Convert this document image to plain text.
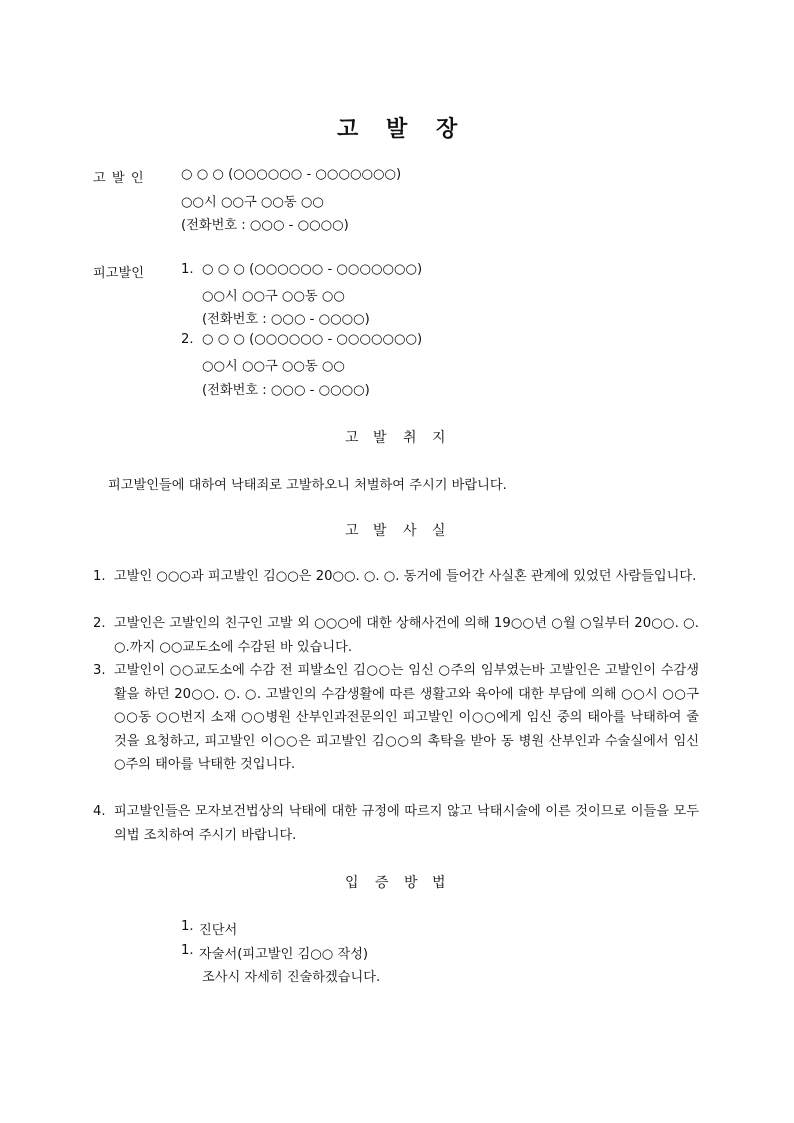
고 발 장
고 발 인	○ ○ ○ (○○○○○○ - ○○○○○○○)
○○시 ○○구 ○○동 ○○
(전화번호 : ○○○ - ○○○○)
피고발인	1. ○ ○ ○ (○○○○○○ - ○○○○○○○)
○○시 ○○구 ○○동 ○○
(전화번호 : ○○○ - ○○○○)
2. ○ ○ ○ (○○○○○○ - ○○○○○○○)
○○시 ○○구 ○○동 ○○
(전화번호 : ○○○ - ○○○○)
고 발 취 지
피고발인들에 대하여 낙태죄로 고발하오니 처벌하여 주시기 바랍니다.
고 발 사 실
1. 고발인 ○○○과 피고발인 김○○은 20○○. ○. ○. 동거에 들어간 사실혼 관계에 있었던 사람들입니다.
2. 고발인은 고발인의 친구인 고발 외 ○○○에 대한 상해사건에 의해 19○○년 ○월 ○일부터 20○○. ○. ○.까지 ○○교도소에 수감된 바 있습니다.
3. 고발인이 ○○교도소에 수감 전 피발소인 김○○는 임신 ○주의 임부였는바 고발인은 고발인이 수감생활을 하던 20○○. ○. ○. 고발인의 수감생활에 따른 생활고와 육아에 대한 부담에 의해 ○○시 ○○구 ○○동 ○○번지 소재 ○○병원 산부인과전문의인 피고발인 이○○에게 임신 중의 태아를 낙태하여 줄 것을 요청하고, 피고발인 이○○은 피고발인 김○○의 촉탁을 받아 동 병원 산부인과 수술실에서 임신 ○주의 태아를 낙태한 것입니다.
4. 피고발인들은 모자보건법상의 낙태에 대한 규정에 따르지 않고 낙태시술에 이른 것이므로 이들을 모두 의법 조치하여 주시기 바랍니다.
입 증 방 법
1. 진단서
1. 자술서(피고발인 김○○ 작성)
조사시 자세히 진술하겠습니다.
